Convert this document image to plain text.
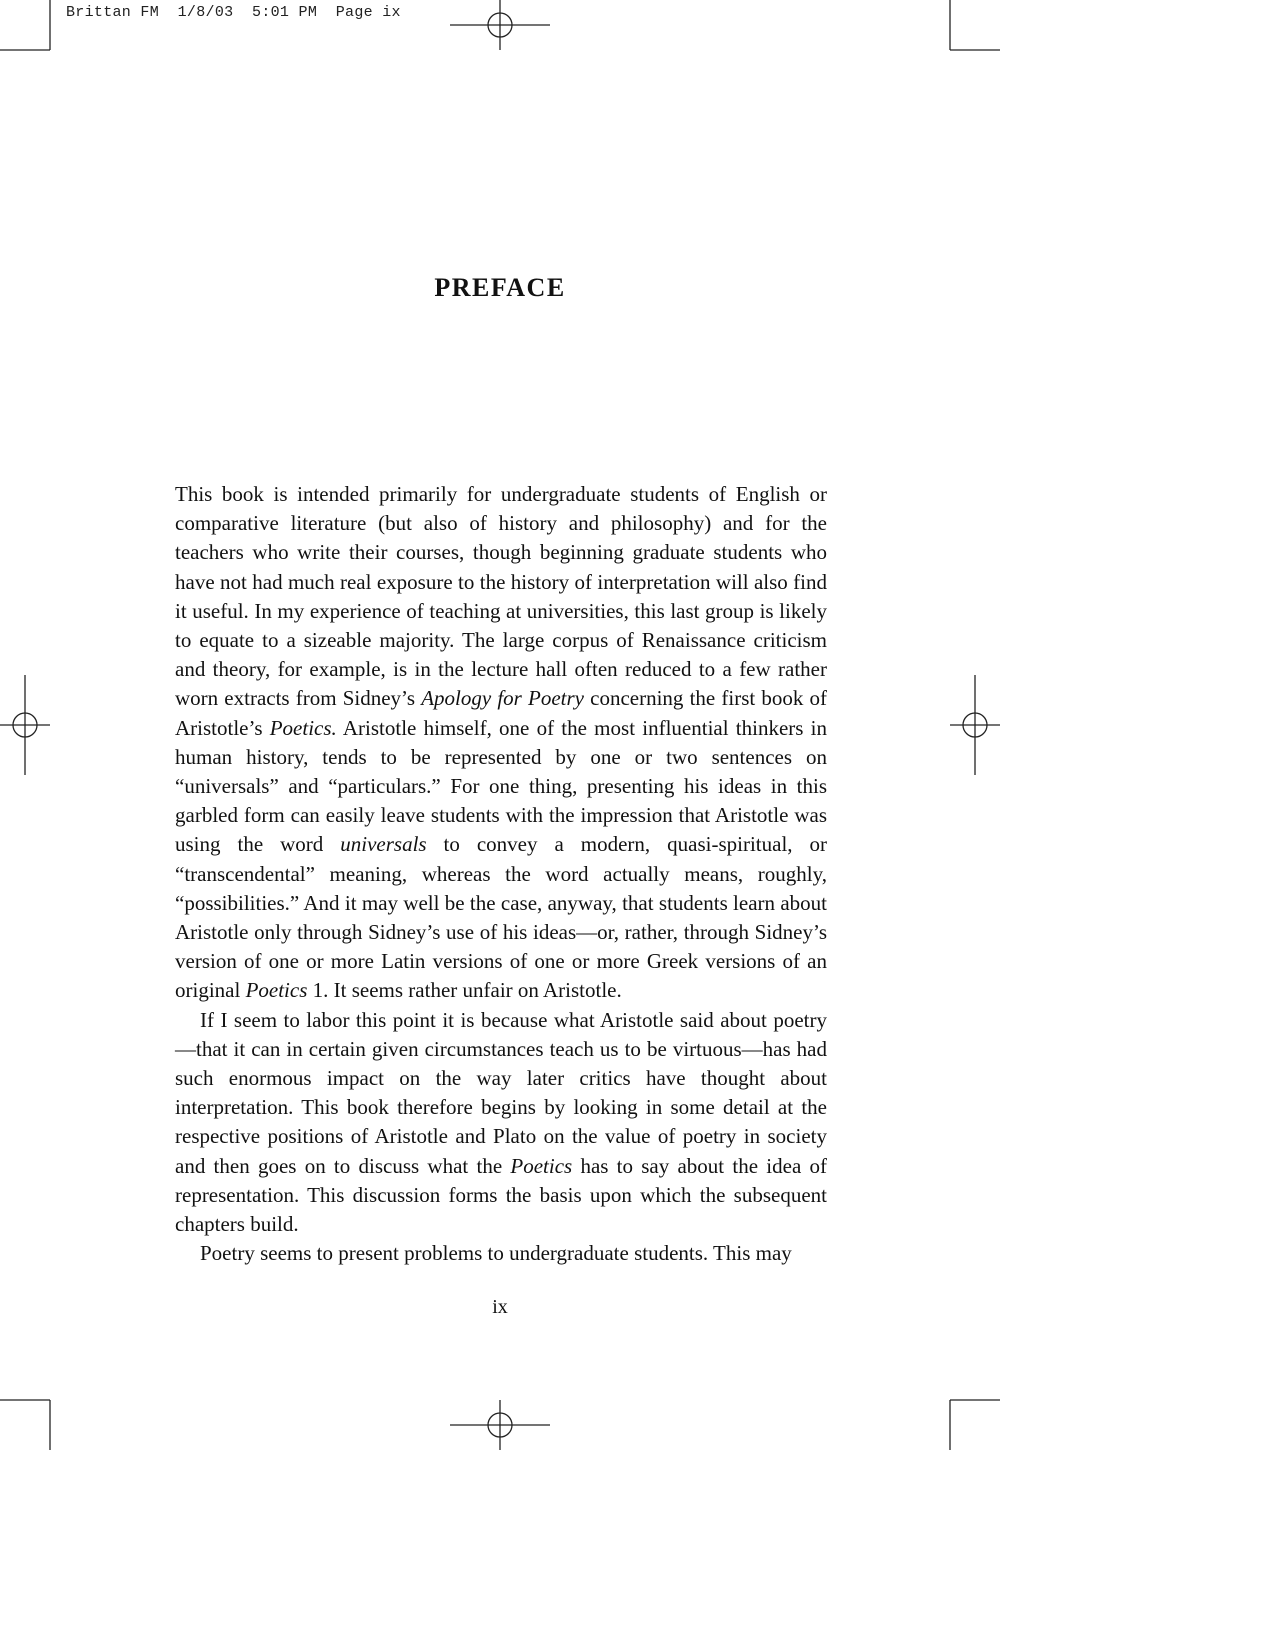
Brittan FM  1/8/03  5:01 PM  Page ix
PREFACE

This book is intended primarily for undergraduate students of English or comparative literature (but also of history and philosophy) and for the teachers who write their courses, though beginning graduate students who have not had much real exposure to the history of interpretation will also find it useful. In my experience of teaching at universities, this last group is likely to equate to a sizeable majority. The large corpus of Renaissance criticism and theory, for example, is in the lecture hall often reduced to a few rather worn extracts from Sidney’s Apology for Poetry concerning the first book of Aristotle’s Poetics. Aristotle himself, one of the most influential thinkers in human history, tends to be represented by one or two sentences on “universals” and “particulars.” For one thing, presenting his ideas in this garbled form can easily leave students with the impression that Aristotle was using the word universals to convey a modern, quasi-spiritual, or “transcendental” meaning, whereas the word actually means, roughly, “possibilities.” And it may well be the case, anyway, that students learn about Aristotle only through Sidney’s use of his ideas—or, rather, through Sidney’s version of one or more Latin versions of one or more Greek versions of an original Poetics 1. It seems rather unfair on Aristotle.

If I seem to labor this point it is because what Aristotle said about poetry—that it can in certain given circumstances teach us to be virtuous—has had such enormous impact on the way later critics have thought about interpretation. This book therefore begins by looking in some detail at the respective positions of Aristotle and Plato on the value of poetry in society and then goes on to discuss what the Poetics has to say about the idea of representation. This discussion forms the basis upon which the subsequent chapters build.

Poetry seems to present problems to undergraduate students. This may

ix
